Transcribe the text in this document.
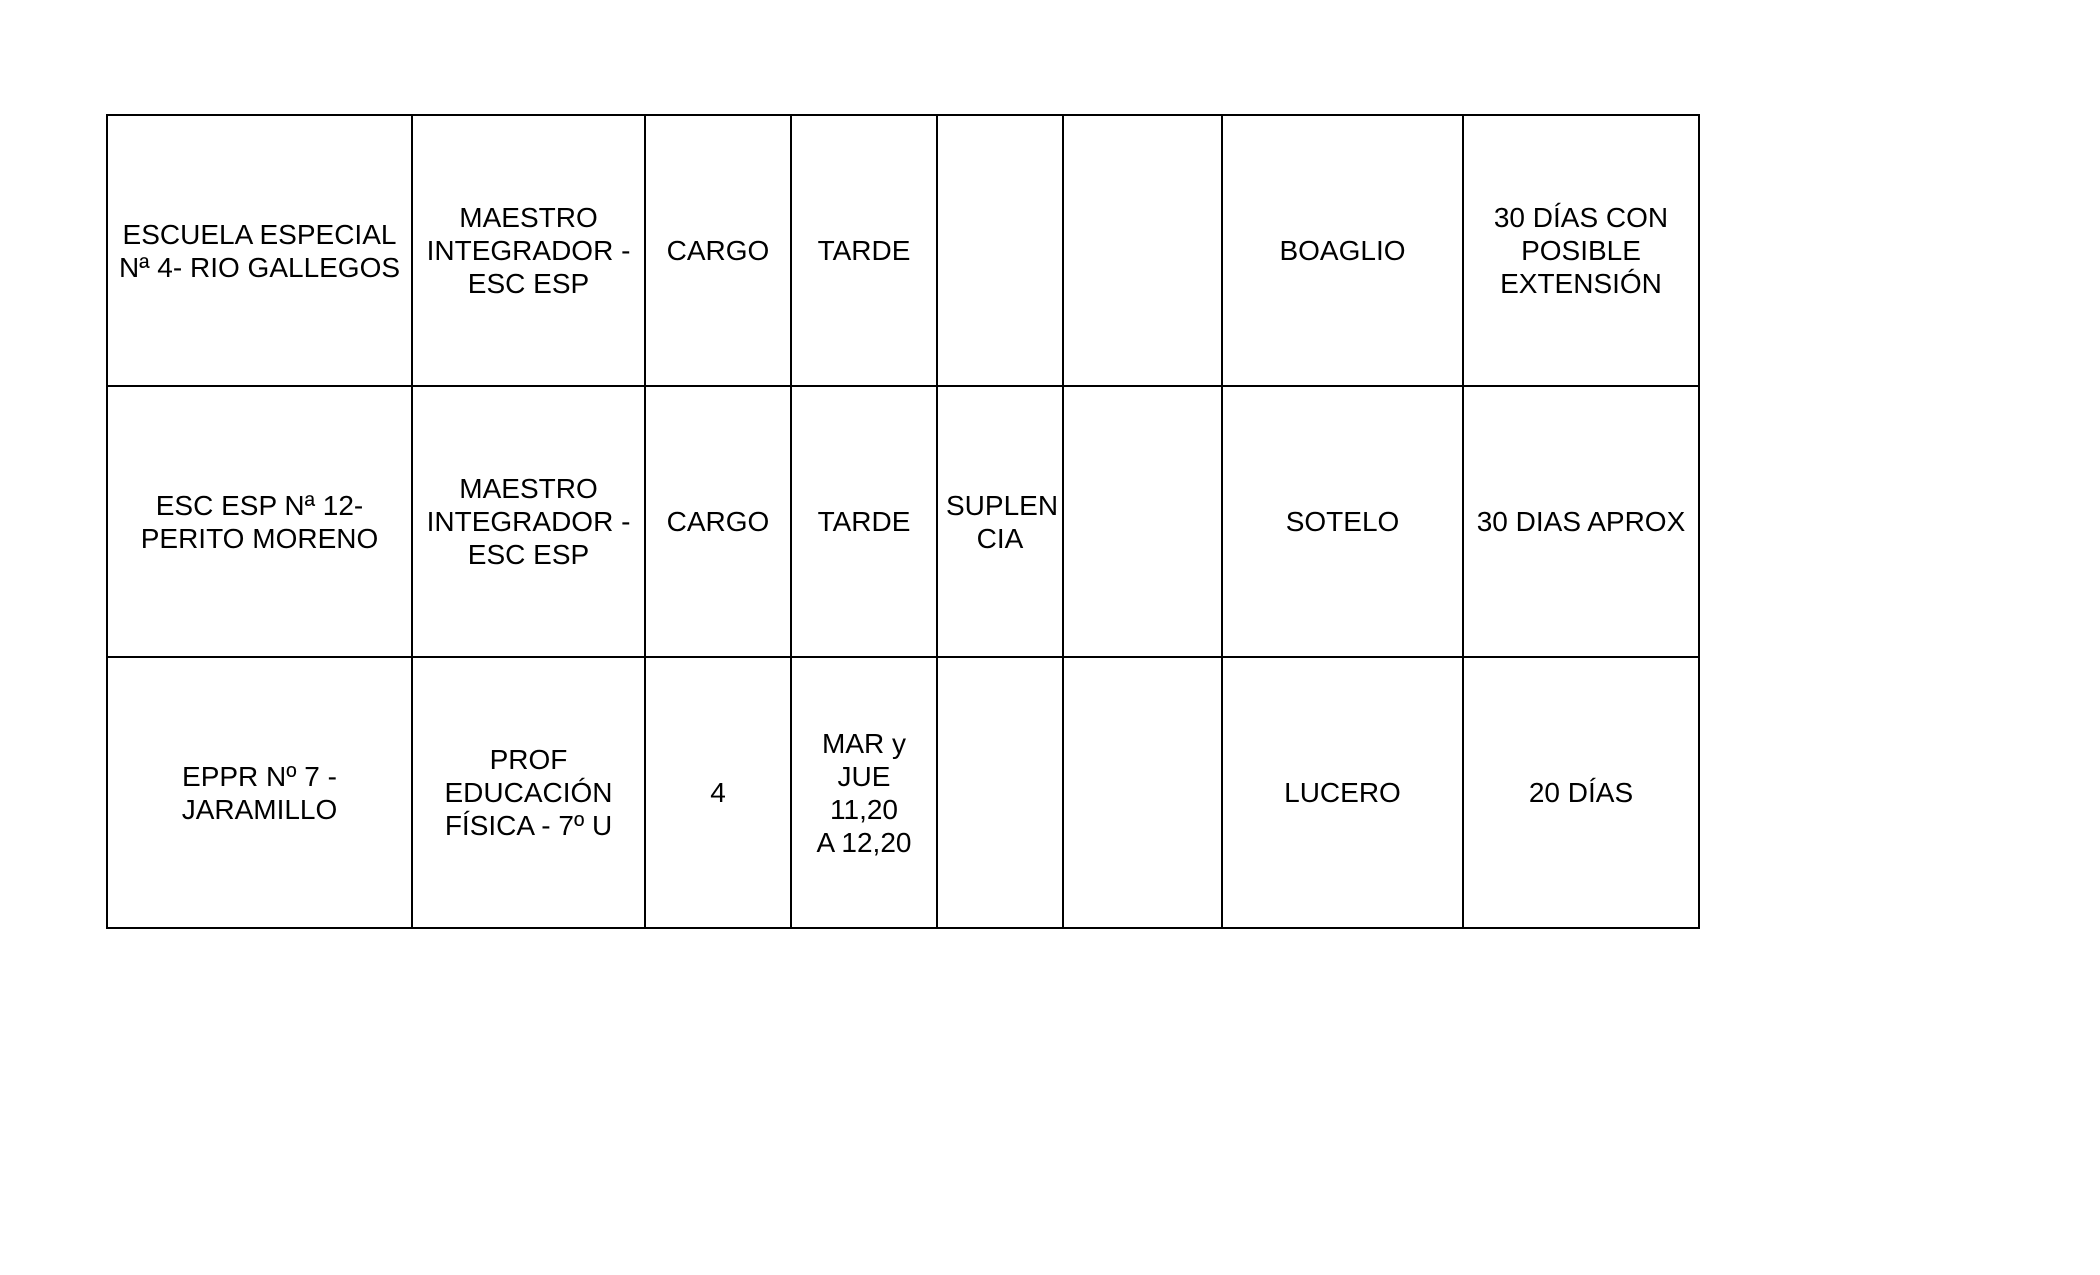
ESCUELA ESPECIAL
Nª 4- RIO GALLEGOS	MAESTRO
INTEGRADOR -
ESC ESP	CARGO	TARDE			BOAGLIO	30 DÍAS CON
POSIBLE
EXTENSIÓN
ESC ESP Nª 12-
PERITO MORENO	MAESTRO
INTEGRADOR -
ESC ESP	CARGO	TARDE	SUPLEN
CIA		SOTELO	30 DIAS APROX
EPPR Nº 7 -
JARAMILLO	PROF
EDUCACIÓN
FÍSICA - 7º U	4	MAR y
JUE 11,20
A 12,20			LUCERO	20 DÍAS
